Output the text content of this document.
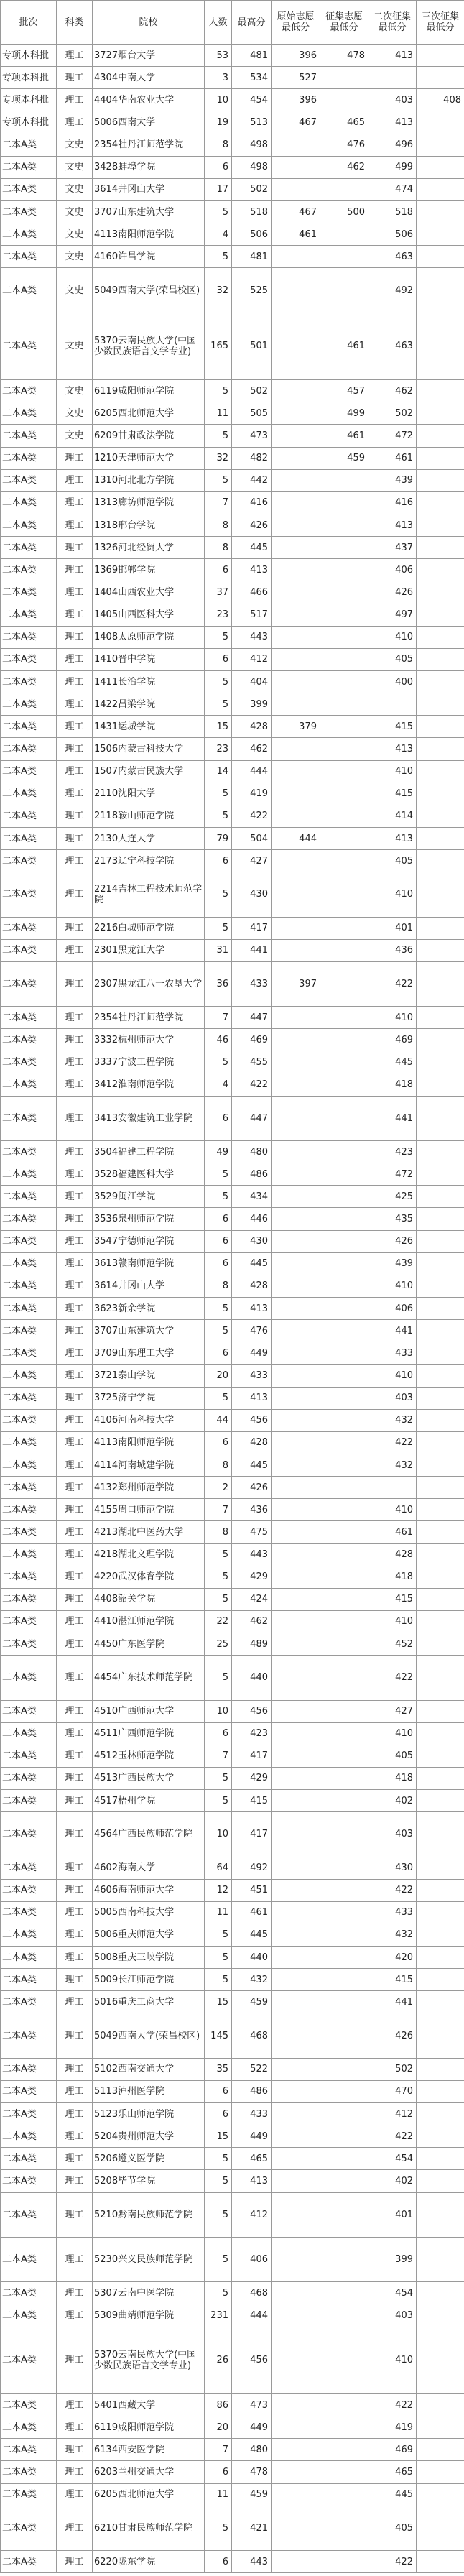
批次	科类	院校	人数	最高分	原始志愿最低分	征集志愿最低分	二次征集最低分	三次征集最低分
专项本科批	理工	3727烟台大学	53	481	396	478	413	
专项本科批	理工	4304中南大学	3	534	527			
专项本科批	理工	4404华南农业大学	10	454	396		403	408
专项本科批	理工	5006西南大学	19	513	467	465	413	
二本A类	文史	2354牡丹江师范学院	8	498		476	496	
二本A类	文史	3428蚌埠学院	6	498		462	499	
二本A类	文史	3614井冈山大学	17	502			474	
二本A类	文史	3707山东建筑大学	5	518	467	500	518	
二本A类	文史	4113南阳师范学院	4	506	461		506	
二本A类	文史	4160许昌学院	5	481			463	
二本A类	文史	5049西南大学(荣昌校区)	32	525			492	
二本A类	文史	5370云南民族大学(中国少数民族语言文学专业)	165	501		461	463	
二本A类	文史	6119咸阳师范学院	5	502		457	462	
二本A类	文史	6205西北师范大学	11	505		499	502	
二本A类	文史	6209甘肃政法学院	5	473		461	472	
二本A类	理工	1210天津师范大学	32	482		459	461	
二本A类	理工	1310河北北方学院	5	442			439	
二本A类	理工	1313廊坊师范学院	7	416			416	
二本A类	理工	1318邢台学院	8	426			413	
二本A类	理工	1326河北经贸大学	8	445			437	
二本A类	理工	1369邯郸学院	6	413			406	
二本A类	理工	1404山西农业大学	37	466			426	
二本A类	理工	1405山西医科大学	23	517			497	
二本A类	理工	1408太原师范学院	5	443			410	
二本A类	理工	1410晋中学院	6	412			405	
二本A类	理工	1411长治学院	5	404			400	
二本A类	理工	1422吕梁学院	5	399				
二本A类	理工	1431运城学院	15	428	379		415	
二本A类	理工	1506内蒙古科技大学	23	462			413	
二本A类	理工	1507内蒙古民族大学	14	444			410	
二本A类	理工	2110沈阳大学	5	419			415	
二本A类	理工	2118鞍山师范学院	5	422			414	
二本A类	理工	2130大连大学	79	504	444		413	
二本A类	理工	2173辽宁科技学院	6	427			405	
二本A类	理工	2214吉林工程技术师范学院	5	430			410	
二本A类	理工	2216白城师范学院	5	417			401	
二本A类	理工	2301黑龙江大学	31	441			436	
二本A类	理工	2307黑龙江八一农垦大学	36	433	397		422	
二本A类	理工	2354牡丹江师范学院	7	447			410	
二本A类	理工	3332杭州师范大学	46	469			469	
二本A类	理工	3337宁波工程学院	5	455			445	
二本A类	理工	3412淮南师范学院	4	422			418	
二本A类	理工	3413安徽建筑工业学院	6	447			441	
二本A类	理工	3504福建工程学院	49	480			423	
二本A类	理工	3528福建医科大学	5	486			472	
二本A类	理工	3529闽江学院	5	434			425	
二本A类	理工	3536泉州师范学院	6	446			435	
二本A类	理工	3547宁德师范学院	6	430			426	
二本A类	理工	3613赣南师范学院	6	445			439	
二本A类	理工	3614井冈山大学	8	428			410	
二本A类	理工	3623新余学院	5	413			406	
二本A类	理工	3707山东建筑大学	5	476			441	
二本A类	理工	3709山东理工大学	6	449			433	
二本A类	理工	3721泰山学院	20	433			410	
二本A类	理工	3725济宁学院	5	413			403	
二本A类	理工	4106河南科技大学	44	456			432	
二本A类	理工	4113南阳师范学院	6	428			422	
二本A类	理工	4114河南城建学院	8	445			432	
二本A类	理工	4132郑州师范学院	2	426				
二本A类	理工	4155周口师范学院	7	436			410	
二本A类	理工	4213湖北中医药大学	8	475			461	
二本A类	理工	4218湖北文理学院	5	443			428	
二本A类	理工	4220武汉体育学院	5	429			418	
二本A类	理工	4408韶关学院	5	424			415	
二本A类	理工	4410湛江师范学院	22	462			410	
二本A类	理工	4450广东医学院	25	489			452	
二本A类	理工	4454广东技术师范学院	5	440			422	
二本A类	理工	4510广西师范大学	10	456			427	
二本A类	理工	4511广西师范学院	6	423			410	
二本A类	理工	4512玉林师范学院	7	417			405	
二本A类	理工	4513广西民族大学	5	429			418	
二本A类	理工	4517梧州学院	5	415			402	
二本A类	理工	4564广西民族师范学院	10	417			403	
二本A类	理工	4602海南大学	64	492			430	
二本A类	理工	4606海南师范大学	12	451			422	
二本A类	理工	5005西南科技大学	11	461			433	
二本A类	理工	5006重庆师范大学	5	445			432	
二本A类	理工	5008重庆三峡学院	5	440			420	
二本A类	理工	5009长江师范学院	5	432			415	
二本A类	理工	5016重庆工商大学	15	459			441	
二本A类	理工	5049西南大学(荣昌校区)	145	468			426	
二本A类	理工	5102西南交通大学	35	522			502	
二本A类	理工	5113泸州医学院	6	486			470	
二本A类	理工	5123乐山师范学院	6	433			412	
二本A类	理工	5204贵州师范大学	15	449			422	
二本A类	理工	5206遵义医学院	5	465			454	
二本A类	理工	5208毕节学院	5	413			402	
二本A类	理工	5210黔南民族师范学院	5	412			401	
二本A类	理工	5230兴义民族师范学院	5	406			399	
二本A类	理工	5307云南中医学院	5	468			454	
二本A类	理工	5309曲靖师范学院	231	444			403	
二本A类	理工	5370云南民族大学(中国少数民族语言文学专业)	26	456			410	
二本A类	理工	5401西藏大学	86	473			422	
二本A类	理工	6119咸阳师范学院	20	449			419	
二本A类	理工	6134西安医学院	7	480			469	
二本A类	理工	6203兰州交通大学	6	478			465	
二本A类	理工	6205西北师范大学	11	459			445	
二本A类	理工	6210甘肃民族师范学院	5	421			405	
二本A类	理工	6220陇东学院	6	443			422	
